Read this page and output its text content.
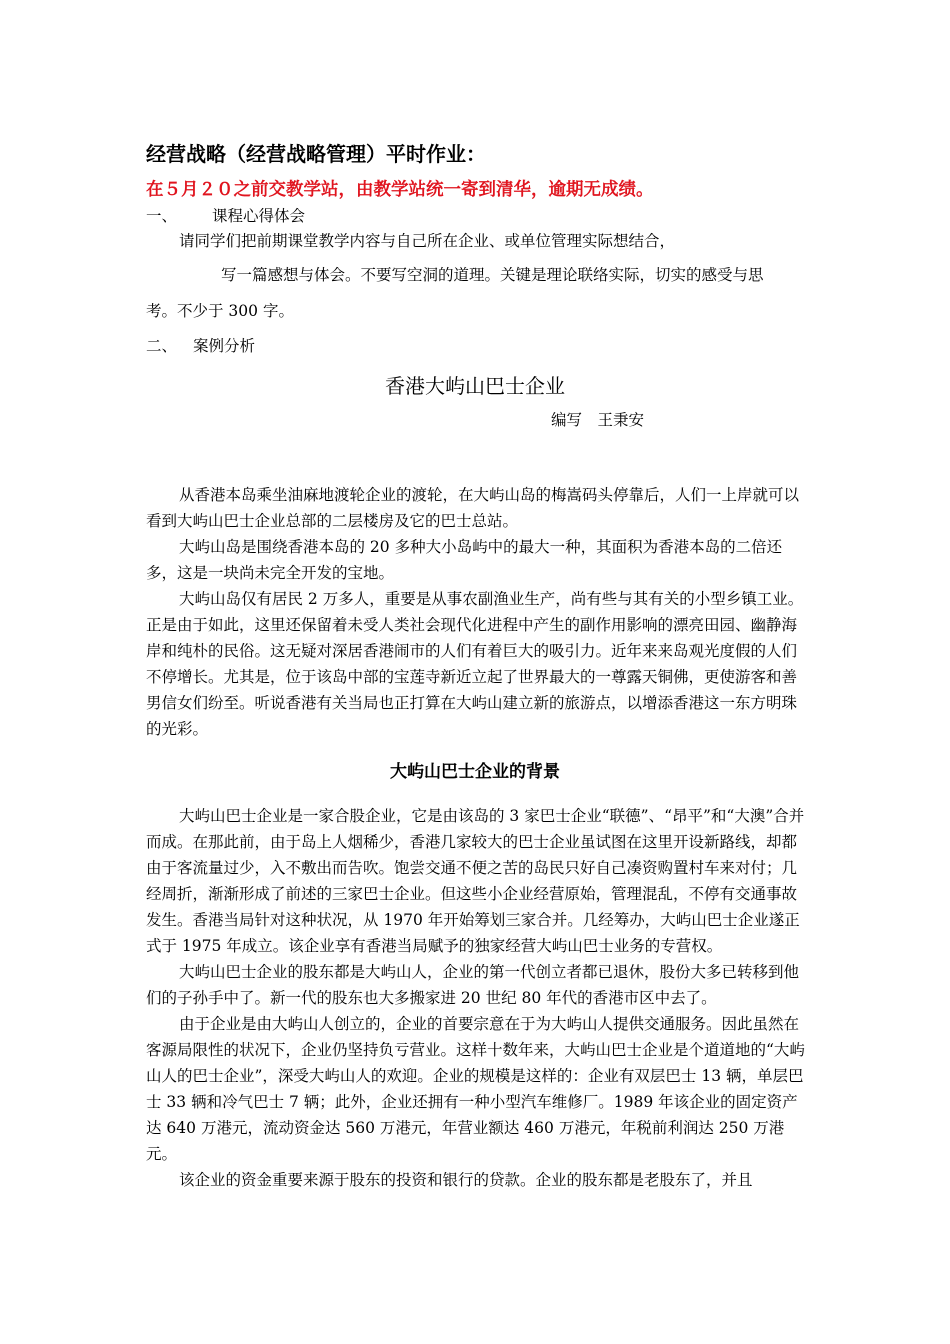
经营战略（经营战略管理）平时作业：
在５月２０之前交教学站，由教学站统一寄到清华，逾期无成绩。
一、 课程心得体会
请同学们把前期课堂教学内容与自己所在企业、或单位管理实际想结合，
写一篇感想与体会。不要写空洞的道理。关键是理论联络实际，切实的感受与思
考。不少于 300 字。
二、 案例分析
香港大屿山巴士企业
编写　王秉安

从香港本岛乘坐油麻地渡轮企业的渡轮，在大屿山岛的梅嵩码头停靠后，人们一上岸就可以看到大屿山巴士企业总部的二层楼房及它的巴士总站。

大屿山岛是围绕香港本岛的 20 多种大小岛屿中的最大一种，其面积为香港本岛的二倍还多，这是一块尚未完全开发的宝地。

大屿山岛仅有居民 2 万多人，重要是从事农副渔业生产，尚有些与其有关的小型乡镇工业。正是由于如此，这里还保留着未受人类社会现代化进程中产生的副作用影响的漂亮田园、幽静海岸和纯朴的民俗。这无疑对深居香港闹市的人们有着巨大的吸引力。近年来来岛观光度假的人们不停增长。尤其是，位于该岛中部的宝莲寺新近立起了世界最大的一尊露天铜佛，更使游客和善男信女们纷至。听说香港有关当局也正打算在大屿山建立新的旅游点，以增添香港这一东方明珠的光彩。

大屿山巴士企业的背景

大屿山巴士企业是一家合股企业，它是由该岛的 3 家巴士企业“联德”、“昂平”和“大澳”合并而成。在那此前，由于岛上人烟稀少，香港几家较大的巴士企业虽试图在这里开设新路线，却都由于客流量过少，入不敷出而告吹。饱尝交通不便之苦的岛民只好自己凑资购置村车来对付；几经周折，渐渐形成了前述的三家巴士企业。但这些小企业经营原始，管理混乱，不停有交通事故发生。香港当局针对这种状况，从 1970 年开始筹划三家合并。几经筹办，大屿山巴士企业遂正式于 1975 年成立。该企业享有香港当局赋予的独家经营大屿山巴士业务的专营权。

大屿山巴士企业的股东都是大屿山人，企业的第一代创立者都已退休，股份大多已转移到他们的子孙手中了。新一代的股东也大多搬家进 20 世纪 80 年代的香港市区中去了。

由于企业是由大屿山人创立的，企业的首要宗意在于为大屿山人提供交通服务。因此虽然在客源局限性的状况下，企业仍坚持负亏营业。这样十数年来，大屿山巴士企业是个道道地的“大屿山人的巴士企业”，深受大屿山人的欢迎。企业的规模是这样的：企业有双层巴士 13 辆，单层巴士 33 辆和冷气巴士 7 辆；此外，企业还拥有一种小型汽车维修厂。1989 年该企业的固定资产达 640 万港元，流动资金达 560 万港元，年营业额达 460 万港元，年税前利润达 250 万港元。

该企业的资金重要来源于股东的投资和银行的贷款。企业的股东都是老股东了，并且
